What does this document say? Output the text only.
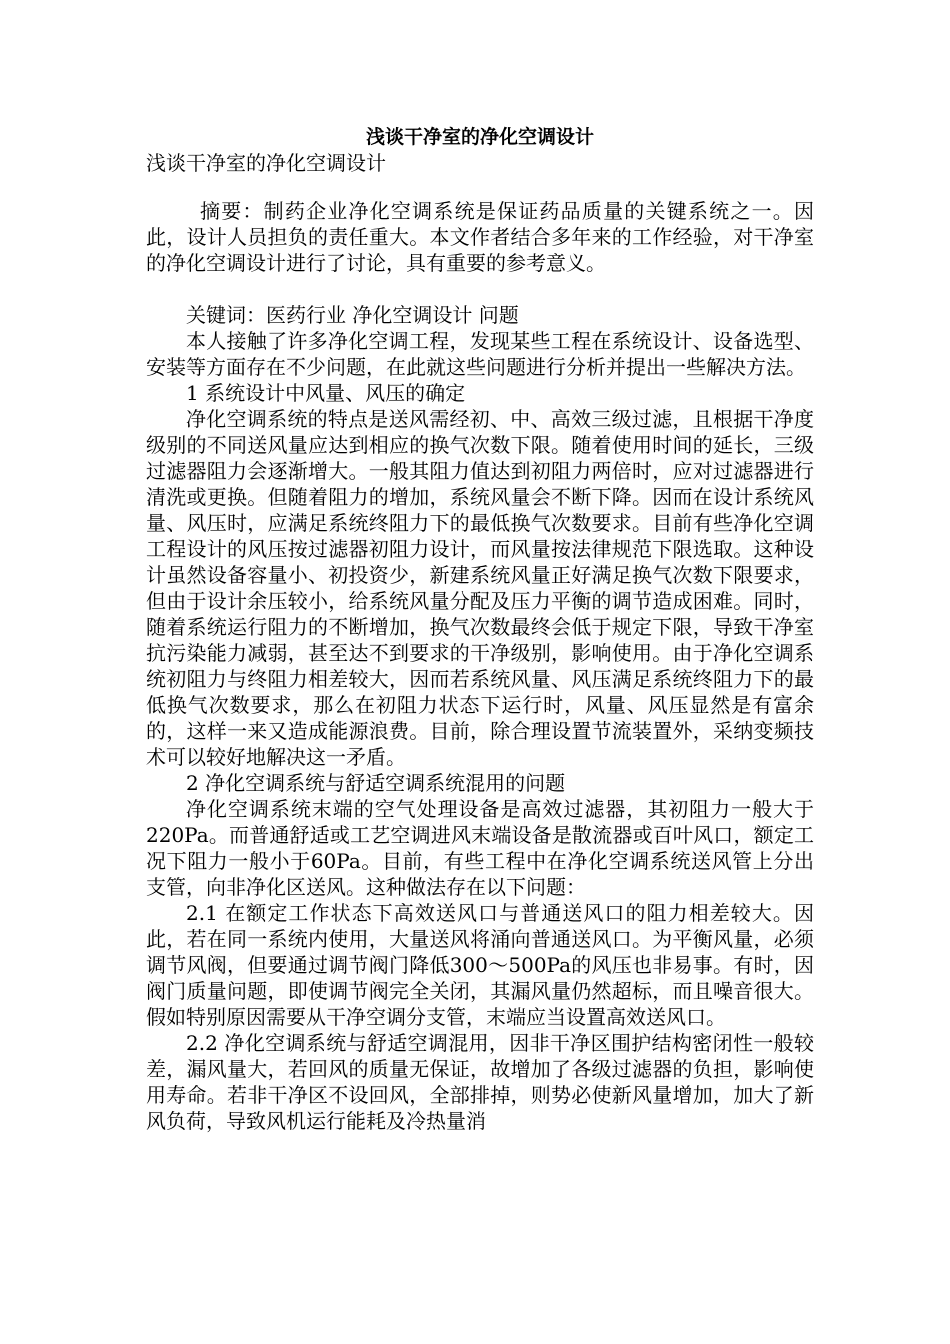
浅谈干净室的净化空调设计
浅谈干净室的净化空调设计

摘要：制药企业净化空调系统是保证药品质量的关键系统之一。因此，设计人员担负的责任重大。本文作者结合多年来的工作经验，对干净室的净化空调设计进行了讨论，具有重要的参考意义。

关键词：医药行业 净化空调设计 问题

本人接触了许多净化空调工程，发现某些工程在系统设计、设备选型、安装等方面存在不少问题，在此就这些问题进行分析并提出一些解决方法。

1 系统设计中风量、风压的确定

净化空调系统的特点是送风需经初、中、高效三级过滤，且根据干净度级别的不同送风量应达到相应的换气次数下限。随着使用时间的延长，三级过滤器阻力会逐渐增大。一般其阻力值达到初阻力两倍时，应对过滤器进行清洗或更换。但随着阻力的增加，系统风量会不断下降。因而在设计系统风量、风压时，应满足系统终阻力下的最低换气次数要求。目前有些净化空调工程设计的风压按过滤器初阻力设计，而风量按法律规范下限选取。这种设计虽然设备容量小、初投资少，新建系统风量正好满足换气次数下限要求，但由于设计余压较小，给系统风量分配及压力平衡的调节造成困难。同时，随着系统运行阻力的不断增加，换气次数最终会低于规定下限，导致干净室抗污染能力减弱，甚至达不到要求的干净级别，影响使用。由于净化空调系统初阻力与终阻力相差较大，因而若系统风量、风压满足系统终阻力下的最低换气次数要求，那么在初阻力状态下运行时，风量、风压显然是有富余的，这样一来又造成能源浪费。目前，除合理设置节流装置外，采纳变频技术可以较好地解决这一矛盾。

2 净化空调系统与舒适空调系统混用的问题

净化空调系统末端的空气处理设备是高效过滤器，其初阻力一般大于220Pa。而普通舒适或工艺空调进风末端设备是散流器或百叶风口，额定工况下阻力一般小于60Pa。目前，有些工程中在净化空调系统送风管上分出支管，向非净化区送风。这种做法存在以下问题：

2.1 在额定工作状态下高效送风口与普通送风口的阻力相差较大。因此，若在同一系统内使用，大量送风将涌向普通送风口。为平衡风量，必须调节风阀，但要通过调节阀门降低300～500Pa的风压也非易事。有时，因阀门质量问题，即使调节阀完全关闭，其漏风量仍然超标，而且噪音很大。假如特别原因需要从干净空调分支管，末端应当设置高效送风口。

2.2 净化空调系统与舒适空调混用，因非干净区围护结构密闭性一般较差，漏风量大，若回风的质量无保证，故增加了各级过滤器的负担，影响使用寿命。若非干净区不设回风，全部排掉，则势必使新风量增加，加大了新风负荷，导致风机运行能耗及冷热量消
